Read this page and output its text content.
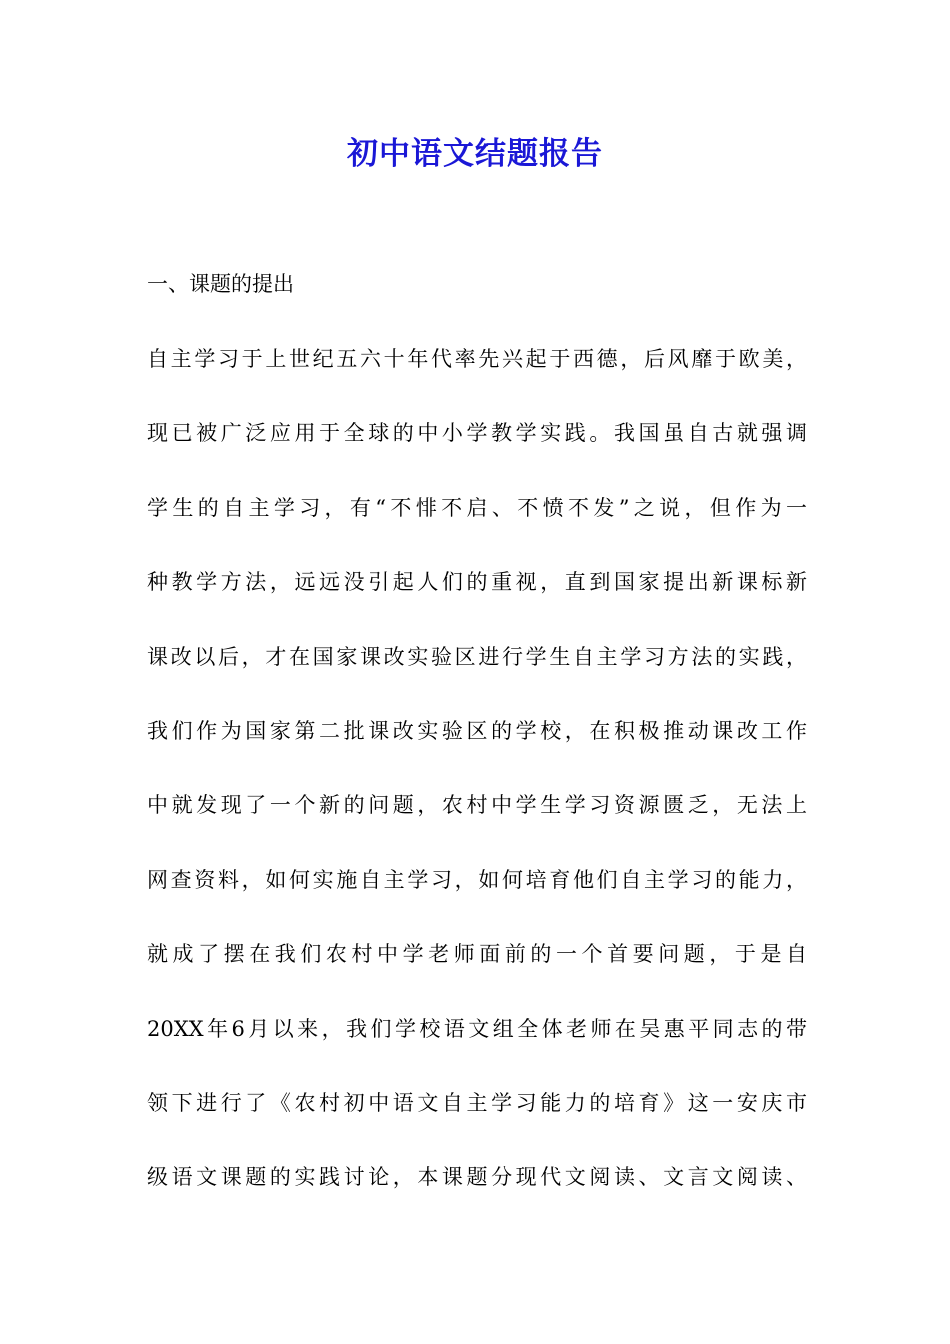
初中语文结题报告

一、课题的提出

自主学习于上世纪五六十年代率先兴起于西德，后风靡于欧美，
现已被广泛应用于全球的中小学教学实践。我国虽自古就强调
学生的自主学习，有“不悱不启、不愤不发”之说，但作为一
种教学方法，远远没引起人们的重视，直到国家提出新课标新
课改以后，才在国家课改实验区进行学生自主学习方法的实践，
我们作为国家第二批课改实验区的学校，在积极推动课改工作
中就发现了一个新的问题，农村中学生学习资源匮乏，无法上
网查资料，如何实施自主学习，如何培育他们自主学习的能力，
就成了摆在我们农村中学老师面前的一个首要问题，于是自
20XX年6月以来，我们学校语文组全体老师在吴惠平同志的带
领下进行了《农村初中语文自主学习能力的培育》这一安庆市
级语文课题的实践讨论，本课题分现代文阅读、文言文阅读、
